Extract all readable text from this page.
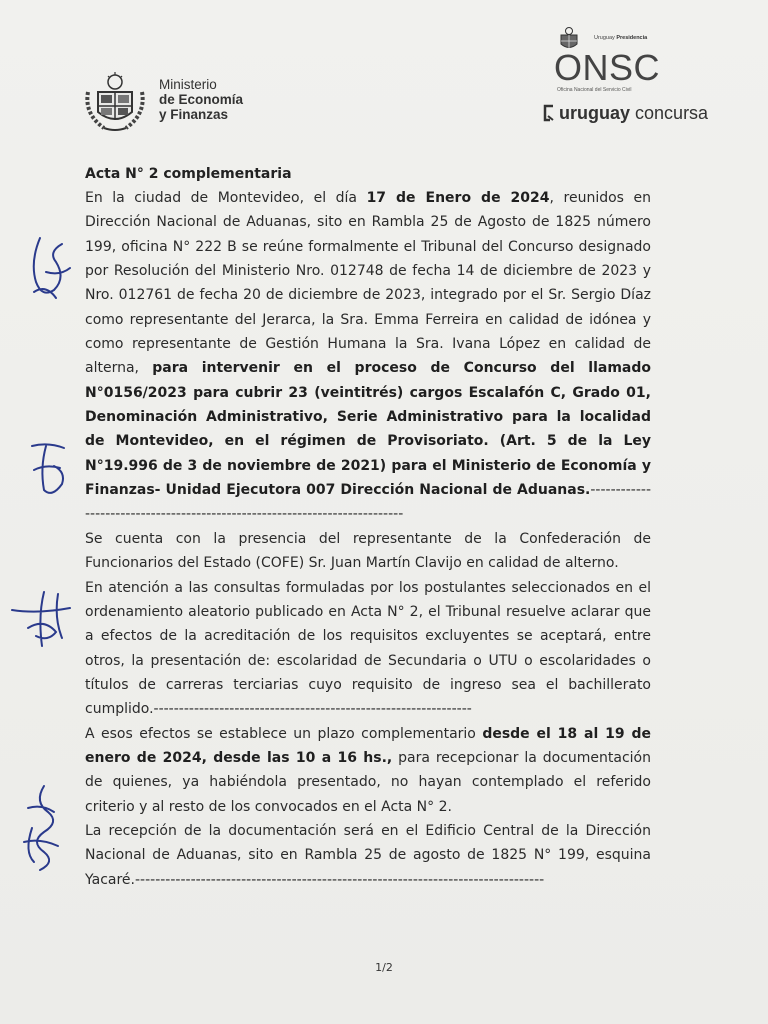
Ministerio
de Economía
y Finanzas
Uruguay Presidencia
ONSC
Oficina Nacional del Servicio Civil
uruguay concursa
Acta N° 2 complementaria

En la ciudad de Montevideo, el día 17 de Enero de 2024, reunidos en Dirección Nacional de Aduanas, sito en Rambla 25 de Agosto de 1825 número 199, oficina N° 222 B se reúne formalmente el Tribunal del Concurso designado por Resolución del Ministerio Nro. 012748 de fecha 14 de diciembre de 2023 y Nro. 012761 de fecha 20 de diciembre de 2023, integrado por el Sr. Sergio Díaz como representante del Jerarca, la Sra. Emma Ferreira en calidad de idónea y como representante de Gestión Humana la Sra. Ivana López en calidad de alterna, para intervenir en el proceso de Concurso del llamado N°0156/2023 para cubrir 23 (veintitrés) cargos Escalafón C, Grado 01, Denominación Administrativo, Serie Administrativo para la localidad de Montevideo, en el régimen de Provisoriato. (Art. 5 de la Ley N°19.996 de 3 de noviembre de 2021) para el Ministerio de Economía y Finanzas- Unidad Ejecutora 007 Dirección Nacional de Aduanas.---------------------------------------------------------------------------

Se cuenta con la presencia del representante de la Confederación de Funcionarios del Estado (COFE) Sr. Juan Martín Clavijo en calidad de alterno.

En atención a las consultas formuladas por los postulantes seleccionados en el ordenamiento aleatorio publicado en Acta N° 2, el Tribunal resuelve aclarar que a efectos de la acreditación de los requisitos excluyentes se aceptará, entre otros, la presentación de: escolaridad de Secundaria o UTU o escolaridades o títulos de carreras terciarias cuyo requisito de ingreso sea el bachillerato cumplido.---------------------------------------------------------------

A esos efectos se establece un plazo complementario desde el 18 al 19 de enero de 2024, desde las 10 a 16 hs., para recepcionar la documentación de quienes, ya habiéndola presentado, no hayan contemplado el referido criterio y al resto de los convocados en el Acta N° 2.

La recepción de la documentación será en el Edificio Central de la Dirección Nacional de Aduanas, sito en Rambla 25 de agosto de 1825 N° 199, esquina Yacaré.---------------------------------------------------------------------------------

1/2
